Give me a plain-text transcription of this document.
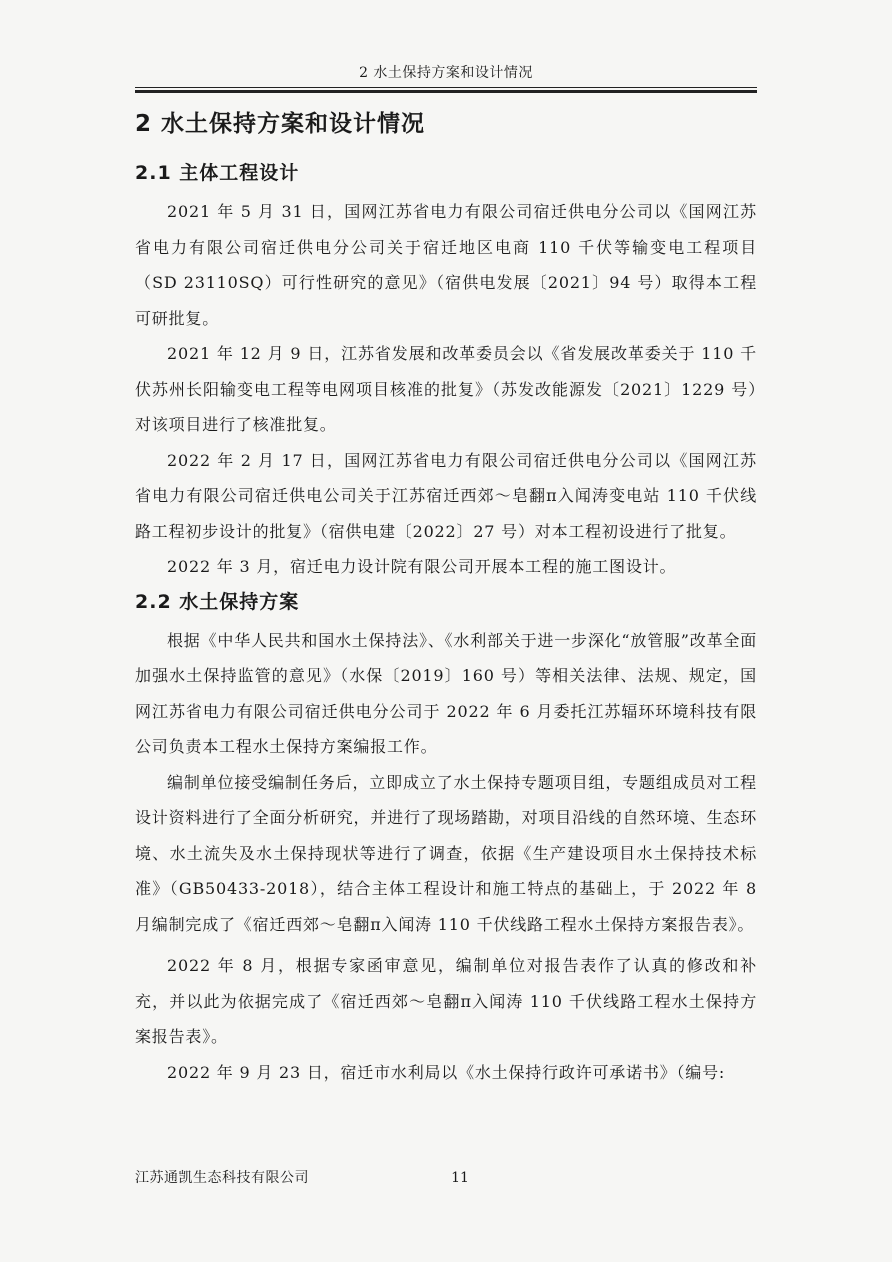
2 水土保持方案和设计情况
2 水土保持方案和设计情况
2.1 主体工程设计

2021 年 5 月 31 日，国网江苏省电力有限公司宿迁供电分公司以《国网江苏省电力有限公司宿迁供电分公司关于宿迁地区电商 110 千伏等输变电工程项目（SD 23110SQ）可行性研究的意见》（宿供电发展〔2021〕94 号）取得本工程可研批复。

2021 年 12 月 9 日，江苏省发展和改革委员会以《省发展改革委关于 110 千伏苏州长阳输变电工程等电网项目核准的批复》（苏发改能源发〔2021〕1229 号）对该项目进行了核准批复。

2022 年 2 月 17 日，国网江苏省电力有限公司宿迁供电分公司以《国网江苏省电力有限公司宿迁供电公司关于江苏宿迁西郊～皂翻π入闻涛变电站 110 千伏线路工程初步设计的批复》（宿供电建〔2022〕27 号）对本工程初设进行了批复。

2022 年 3 月，宿迁电力设计院有限公司开展本工程的施工图设计。

2.2 水土保持方案

根据《中华人民共和国水土保持法》、《水利部关于进一步深化“放管服”改革全面加强水土保持监管的意见》（水保〔2019〕160 号）等相关法律、法规、规定，国网江苏省电力有限公司宿迁供电分公司于 2022 年 6 月委托江苏辐环环境科技有限公司负责本工程水土保持方案编报工作。

编制单位接受编制任务后，立即成立了水土保持专题项目组，专题组成员对工程设计资料进行了全面分析研究，并进行了现场踏勘，对项目沿线的自然环境、生态环境、水土流失及水土保持现状等进行了调查，依据《生产建设项目水土保持技术标准》（GB50433-2018），结合主体工程设计和施工特点的基础上，于 2022 年 8 月编制完成了《宿迁西郊～皂翻π入闻涛 110 千伏线路工程水土保持方案报告表》。

2022 年 8 月，根据专家函审意见，编制单位对报告表作了认真的修改和补充，并以此为依据完成了《宿迁西郊～皂翻π入闻涛 110 千伏线路工程水土保持方案报告表》。

2022 年 9 月 23 日，宿迁市水利局以《水土保持行政许可承诺书》（编号:

江苏通凯生态科技有限公司	11
